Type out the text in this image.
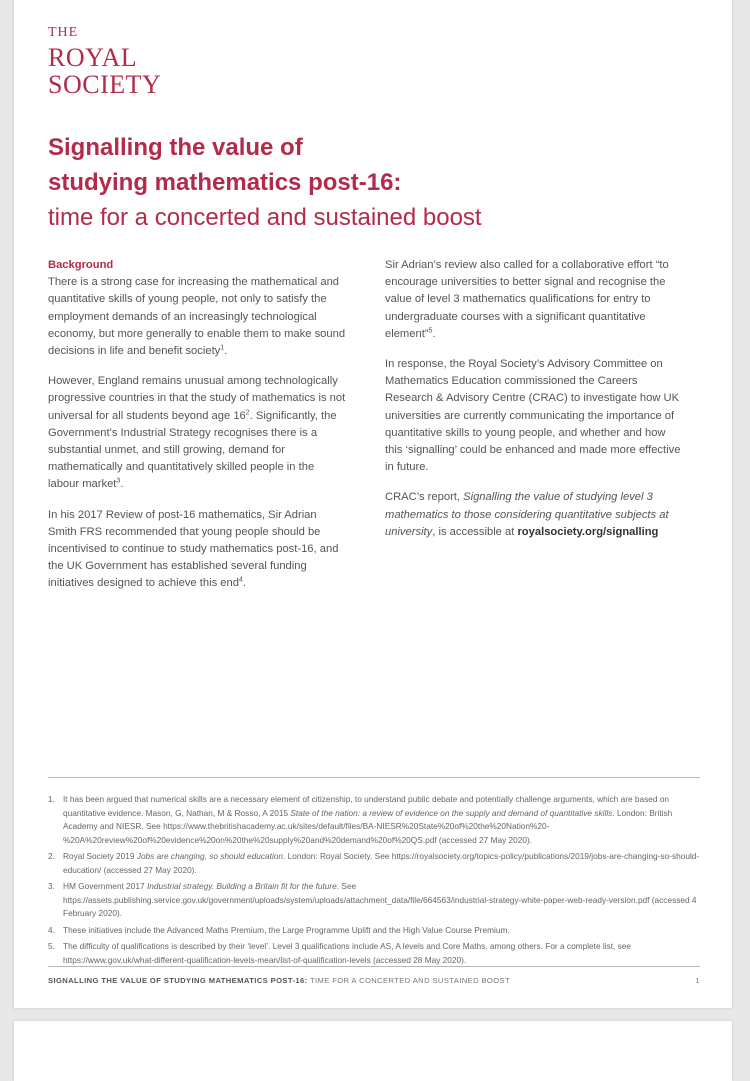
THE
ROYAL
SOCIETY
Signalling the value of
studying mathematics post-16:
time for a concerted and sustained boost

Background
There is a strong case for increasing the mathematical and quantitative skills of young people, not only to satisfy the employment demands of an increasingly technological economy, but more generally to enable them to make sound decisions in life and benefit society$^1$.

However, England remains unusual among technologically progressive countries in that the study of mathematics is not universal for all students beyond age $16^2$. Significantly, the Government’s Industrial Strategy recognises there is a substantial unmet, and still growing, demand for mathematically and quantitatively skilled people in the labour market$^3$.

In his 2017 Review of post-16 mathematics, Sir Adrian Smith FRS recommended that young people should be incentivised to continue to study mathematics post-16, and the UK Government has established several funding initiatives designed to achieve this end$^4$.

Sir Adrian’s review also called for a collaborative effort “to encourage universities to better signal and recognise the value of level 3 mathematics qualifications for entry to undergraduate courses with a significant quantitative element”$^5$.

In response, the Royal Society’s Advisory Committee on Mathematics Education commissioned the Careers Research & Advisory Centre (CRAC) to investigate how UK universities are currently communicating the importance of quantitative skills to young people, and whether and how this ‘signalling’ could be enhanced and made more effective in future.

CRAC’s report, Signalling the value of studying level 3 mathematics to those considering quantitative subjects at university, is accessible at royalsociety.org/signalling

1. It has been argued that numerical skills are a necessary element of citizenship, to understand public debate and potentially challenge arguments, which are based on quantitative evidence. Mason, G, Nathan, M & Rosso, A 2015 State of the nation: a review of evidence on the supply and demand of quantitative skills. London: British Academy and NIESR. See https://www.thebritishacademy.ac.uk/sites/default/files/BA-NIESR%20State%20of%20the%20Nation%20-%20A%20review%20of%20evidence%20on%20the%20supply%20and%20demand%20of%20QS.pdf (accessed 27 May 2020).
2. Royal Society 2019 Jobs are changing, so should education. London: Royal Society. See https://royalsociety.org/topics-policy/publications/2019/jobs-are-changing-so-should-education/ (accessed 27 May 2020).
3. HM Government 2017 Industrial strategy. Building a Britain fit for the future. See https://assets.publishing.service.gov.uk/government/uploads/system/uploads/attachment_data/file/664563/industrial-strategy-white-paper-web-ready-version.pdf (accessed 4 February 2020).
4. These initiatives include the Advanced Maths Premium, the Large Programme Uplift and the High Value Course Premium.
5. The difficulty of qualifications is described by their ‘level’. Level 3 qualifications include AS, A levels and Core Maths, among others. For a complete list, see https://www.gov.uk/what-different-qualification-levels-mean/list-of-qualification-levels (accessed 28 May 2020).
SIGNALLING THE VALUE OF STUDYING MATHEMATICS POST-16: TIME FOR A CONCERTED AND SUSTAINED BOOST	1
